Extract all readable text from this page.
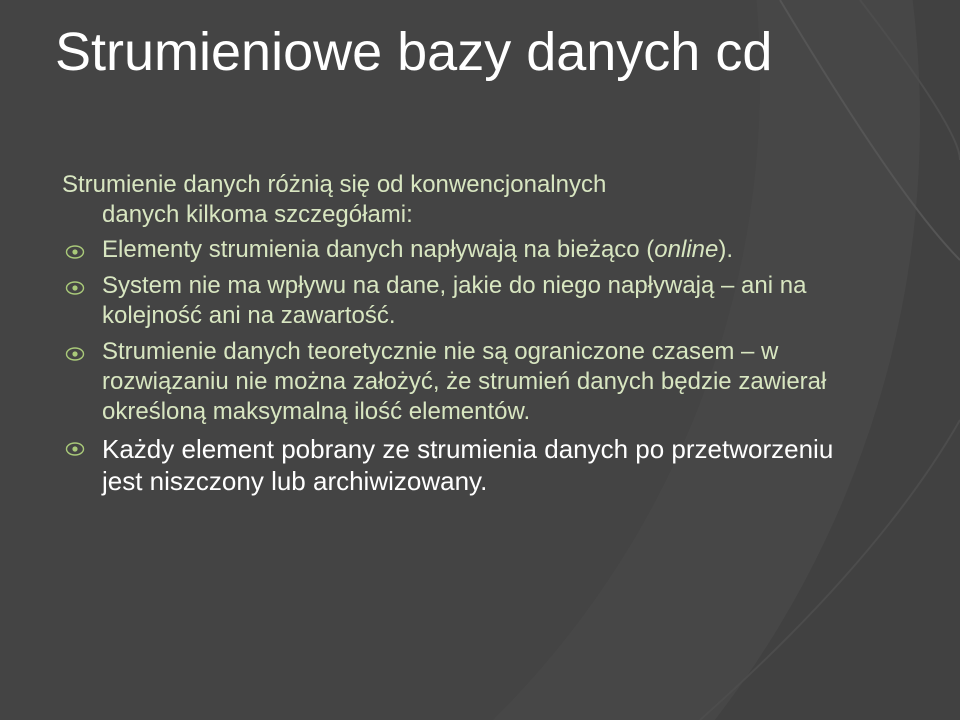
Strumieniowe bazy danych cd

Strumienie danych różnią się od konwencjonalnych
danych kilkoma szczegółami:

Elementy strumienia danych napływają na bieżąco (online).
System nie ma wpływu na dane, jakie do niego napływają – ani na kolejność ani na zawartość.
Strumienie danych teoretycznie nie są ograniczone czasem – w rozwiązaniu nie można założyć, że strumień danych będzie zawierał określoną maksymalną ilość elementów.
Każdy element pobrany ze strumienia danych po przetworzeniu jest niszczony lub archiwizowany.
